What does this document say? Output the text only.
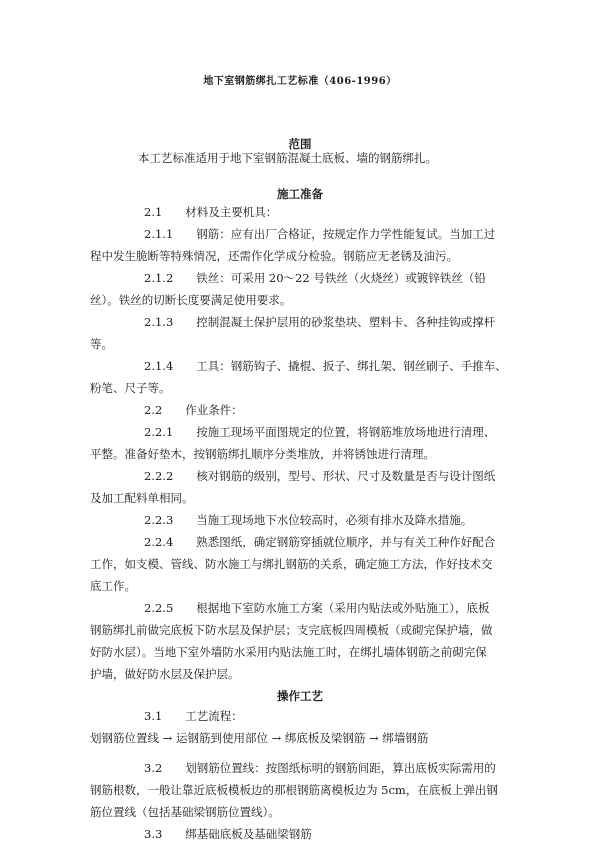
地下室钢筋绑扎工艺标准（406-1996）
范围
本工艺标准适用于地下室钢筋混凝土底板、墙的钢筋绑扎。
施工准备
2.1　　材料及主要机具：
2.1.1　　钢筋：应有出厂合格证，按规定作力学性能复试。当加工过
程中发生脆断等特殊情况，还需作化学成分检验。钢筋应无老锈及油污。
2.1.2　　铁丝：可采用 20～22 号铁丝（火烧丝）或镀锌铁丝（铅
丝）。铁丝的切断长度要满足使用要求。
2.1.3　　控制混凝土保护层用的砂浆垫块、塑料卡、各种挂钩或撑杆
等。
2.1.4　　工具：钢筋钩子、撬棍、扳子、绑扎架、钢丝刷子、手推车、
粉笔、尺子等。
2.2　　作业条件：
2.2.1　　按施工现场平面图规定的位置，将钢筋堆放场地进行清理、
平整。准备好垫木，按钢筋绑扎顺序分类堆放，并将锈蚀进行清理。
2.2.2　　核对钢筋的级别，型号、形状、尺寸及数量是否与设计图纸
及加工配料单相同。
2.2.3　　当施工现场地下水位较高时，必须有排水及降水措施。
2.2.4　　熟悉图纸，确定钢筋穿插就位顺序，并与有关工种作好配合
工作，如支模、管线、防水施工与绑扎钢筋的关系，确定施工方法，作好技术交
底工作。
2.2.5　　根据地下室防水施工方案（采用内贴法或外贴施工），底板
钢筋绑扎前做完底板下防水层及保护层；支完底板四周模板（或砌完保护墙，做
好防水层）。当地下室外墙防水采用内贴法施工时，在绑扎墙体钢筋之前砌完保
护墙，做好防水层及保护层。
操作工艺
3.1　　工艺流程：
划钢筋位置线 → 运钢筋到使用部位 → 绑底板及梁钢筋 → 绑墙钢筋
3.2　　划钢筋位置线：按图纸标明的钢筋间距，算出底板实际需用的
钢筋根数，一般让靠近底板模板边的那根钢筋离模板边为 5cm，在底板上弹出钢
筋位置线（包括基础梁钢筋位置线）。
3.3　　绑基础底板及基础梁钢筋
